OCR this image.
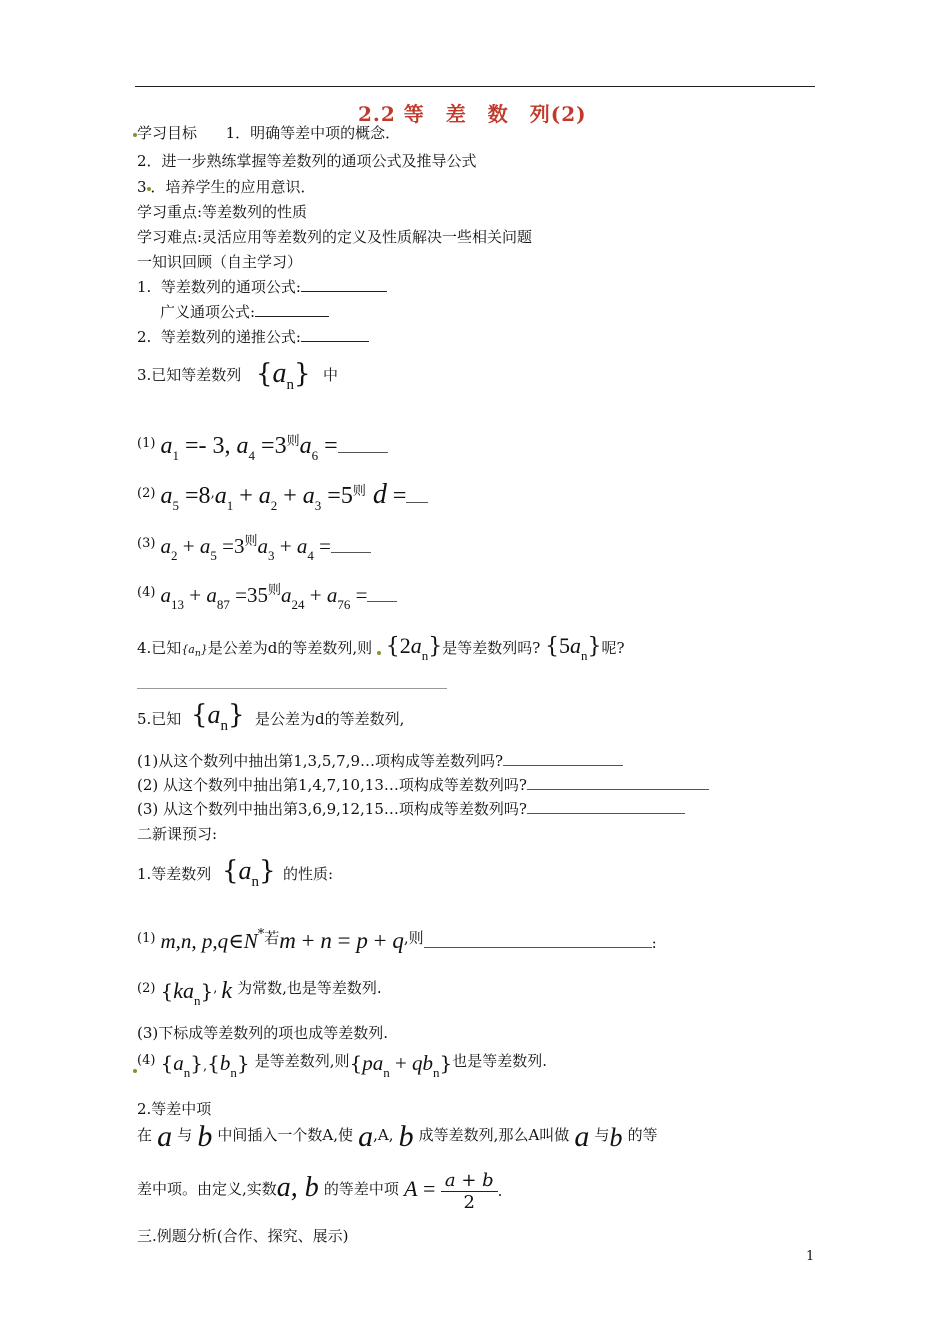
2.2 等　差　数　列(2)
学习目标 1．明确等差中项的概念．
2．进一步熟练掌握等差数列的通项公式及推导公式
3 ．培养学生的应用意识．
学习重点:等差数列的性质
学习难点:灵活应用等差数列的定义及性质解决一些相关问题
一知识回顾（自主学习）
1. 等差数列的通项公式:
广义通项公式:
2. 等差数列的递推公式:
3.已知等差数列 {an} 中
$^{(1)}$ $a_1 =- 3$, $a_4 =3^则a_6$ =
$^{(2)}$ $a_5 =8^,a_1 + a_2 + a_3 =5^则$ d =
$^{(3)}$ $a_2 + a_5 =3^则a_3 + a_4$ =
$^{(4)}$ $a_{13} + a_{87} =35^则a_{24} + a_{76}$ =
4.已知$\{a_n\}$是公差为d的等差数列,则 {2an}是等差数列吗? {5an}呢?
5.已知 {an} 是公差为d的等差数列,
(1)从这个数列中抽出第1,3,5,7,9…项构成等差数列吗?
(2) 从这个数列中抽出第1,4,7,10,13…项构成等差数列吗?
(3) 从这个数列中抽出第3,6,9,12,15…项构成等差数列吗?
二新课预习:
1.等差数列 {an} 的性质:
$^{(1)}$ m,n, p,q∈N*若m + n = p + q,则	:
$^{(2)}$ $\{ka_n\}^,$ k 为常数,也是等差数列.
(3)下标成等差数列的项也成等差数列.
$^{(4)}$ $\{a_n\},\{b_n\}$ 是等差数列,则$\{pa_n + qb_n\}$也是等差数列.
2.等差中项
在 a 与 b 中间插入一个数A,使 a,A, b 成等差数列,那么A叫做 a 与b 的等
差中项。由定义,实数a, b 的等差中项 $A = \frac{a + b}{2}$ .
三.例题分析(合作、探究、展示)
1
